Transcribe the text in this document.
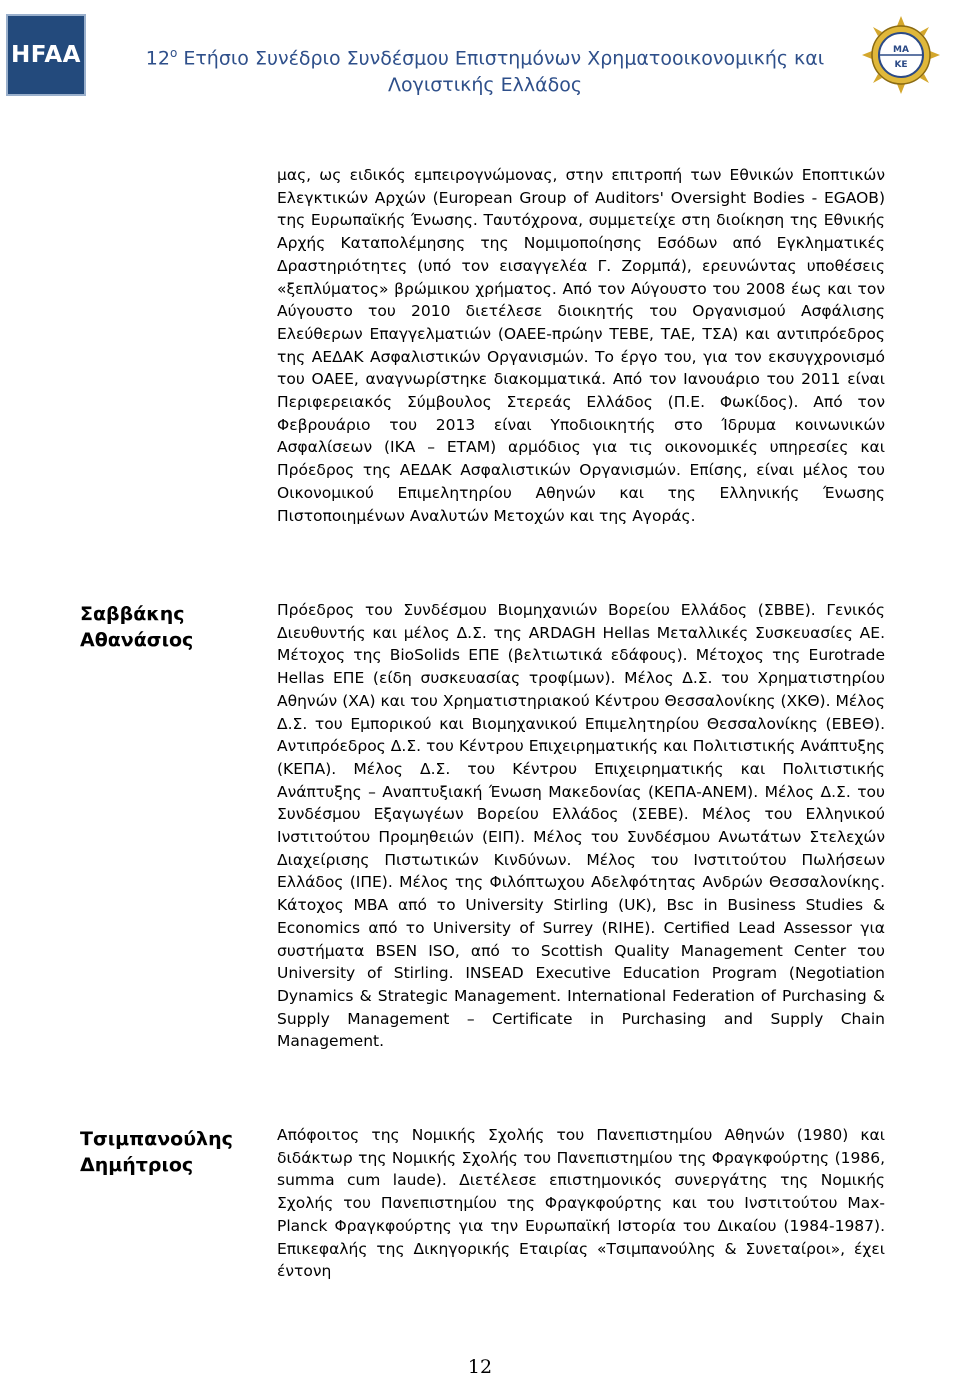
HFAA	$12^o$ Ετήσιο Συνέδριο Συνδέσμου Επιστημόνων Χρηματοοικονομικής και Λογιστικής Ελλάδος
ΜΑ
ΚΕ

μας, ως ειδικός εμπειρογνώμονας, στην επιτροπή των Εθνικών Εποπτικών Ελεγκτικών Αρχών (European Group of Auditors' Oversight Bodies - EGAOB) της Ευρωπαϊκής Ένωσης. Ταυτόχρονα, συμμετείχε στη διοίκηση της Εθνικής Αρχής Καταπολέμησης της Νομιμοποίησης Εσόδων από Εγκληματικές Δραστηριότητες (υπό τον εισαγγελέα Γ. Ζορμπά), ερευνώντας υποθέσεις «ξεπλύματος» βρώμικου χρήματος. Από τον Αύγουστο του 2008 έως και τον Αύγουστο του 2010 διετέλεσε διοικητής του Οργανισμού Ασφάλισης Ελεύθερων Επαγγελματιών (ΟΑΕΕ-πρώην ΤΕΒΕ, ΤΑΕ, ΤΣΑ) και αντιπρόεδρος της ΑΕΔΑΚ Ασφαλιστικών Οργανισμών. Το έργο του, για τον εκσυγχρονισμό του ΟΑΕΕ, αναγνωρίστηκε διακομματικά. Από τον Ιανουάριο του 2011 είναι Περιφερειακός Σύμβουλος Στερεάς Ελλάδος (Π.Ε. Φωκίδος). Από τον Φεβρουάριο του 2013 είναι Υποδιοικητής στο Ίδρυμα κοινωνικών Ασφαλίσεων (ΙΚΑ – ΕΤΑΜ) αρμόδιος για τις οικονομικές υπηρεσίες και Πρόεδρος της ΑΕΔΑΚ Ασφαλιστικών Οργανισμών. Επίσης, είναι μέλος του Οικονομικού Επιμελητηρίου Αθηνών και της Ελληνικής Ένωσης Πιστοποιημένων Αναλυτών Μετοχών και της Αγοράς.

Σαββάκης Αθανάσιος

Πρόεδρος του Συνδέσμου Βιομηχανιών Βορείου Ελλάδος (ΣΒΒΕ). Γενικός Διευθυντής και μέλος Δ.Σ. της ARDAGH Hellas Μεταλλικές Συσκευασίες ΑΕ. Μέτοχος της BioSolids ΕΠΕ (βελτιωτικά εδάφους). Μέτοχος της Eurotrade Hellas ΕΠΕ (είδη συσκευασίας τροφίμων). Μέλος Δ.Σ. του Χρηματιστηρίου Αθηνών (ΧΑ) και του Χρηματιστηριακού Κέντρου Θεσσαλονίκης (ΧΚΘ). Μέλος Δ.Σ. του Εμπορικού και Βιομηχανικού Επιμελητηρίου Θεσσαλονίκης (ΕΒΕΘ). Αντιπρόεδρος Δ.Σ. του Κέντρου Επιχειρηματικής και Πολιτιστικής Ανάπτυξης (ΚΕΠΑ). Μέλος Δ.Σ. του Κέντρου Επιχειρηματικής και Πολιτιστικής Ανάπτυξης – Αναπτυξιακή Ένωση Μακεδονίας (ΚΕΠΑ-ΑΝΕΜ). Μέλος Δ.Σ. του Συνδέσμου Εξαγωγέων Βορείου Ελλάδος (ΣΕΒΕ). Μέλος του Ελληνικού Ινστιτούτου Προμηθειών (ΕΙΠ). Μέλος του Συνδέσμου Ανωτάτων Στελεχών Διαχείρισης Πιστωτικών Κινδύνων. Μέλος του Ινστιτούτου Πωλήσεων Ελλάδος (ΙΠΕ). Μέλος της Φιλόπτωχου Αδελφότητας Ανδρών Θεσσαλονίκης. Κάτοχος MBA από το University Stirling (UK), Bsc in Business Studies & Economics από το University of Surrey (RIHE). Certified Lead Assessor για συστήματα BSEN ISO, από το Scottish Quality Management Center του University of Stirling. INSEAD Executive Education Program (Negotiation Dynamics & Strategic Management. International Federation of Purchasing & Supply Management – Certificate in Purchasing and Supply Chain Management.

Τσιμπανούλης Δημήτριος

Απόφοιτος της Νομικής Σχολής του Πανεπιστημίου Αθηνών (1980) και διδάκτωρ της Νομικής Σχολής του Πανεπιστημίου της Φραγκφούρτης (1986, summa cum laude). Διετέλεσε επιστημονικός συνεργάτης της Νομικής Σχολής του Πανεπιστημίου της Φραγκφούρτης και του Ινστιτούτου Max-Planck Φραγκφούρτης για την Ευρωπαϊκή Ιστορία του Δικαίου (1984-1987). Επικεφαλής της Δικηγορικής Εταιρίας «Τσιμπανούλης & Συνεταίροι», έχει έντονη

12
